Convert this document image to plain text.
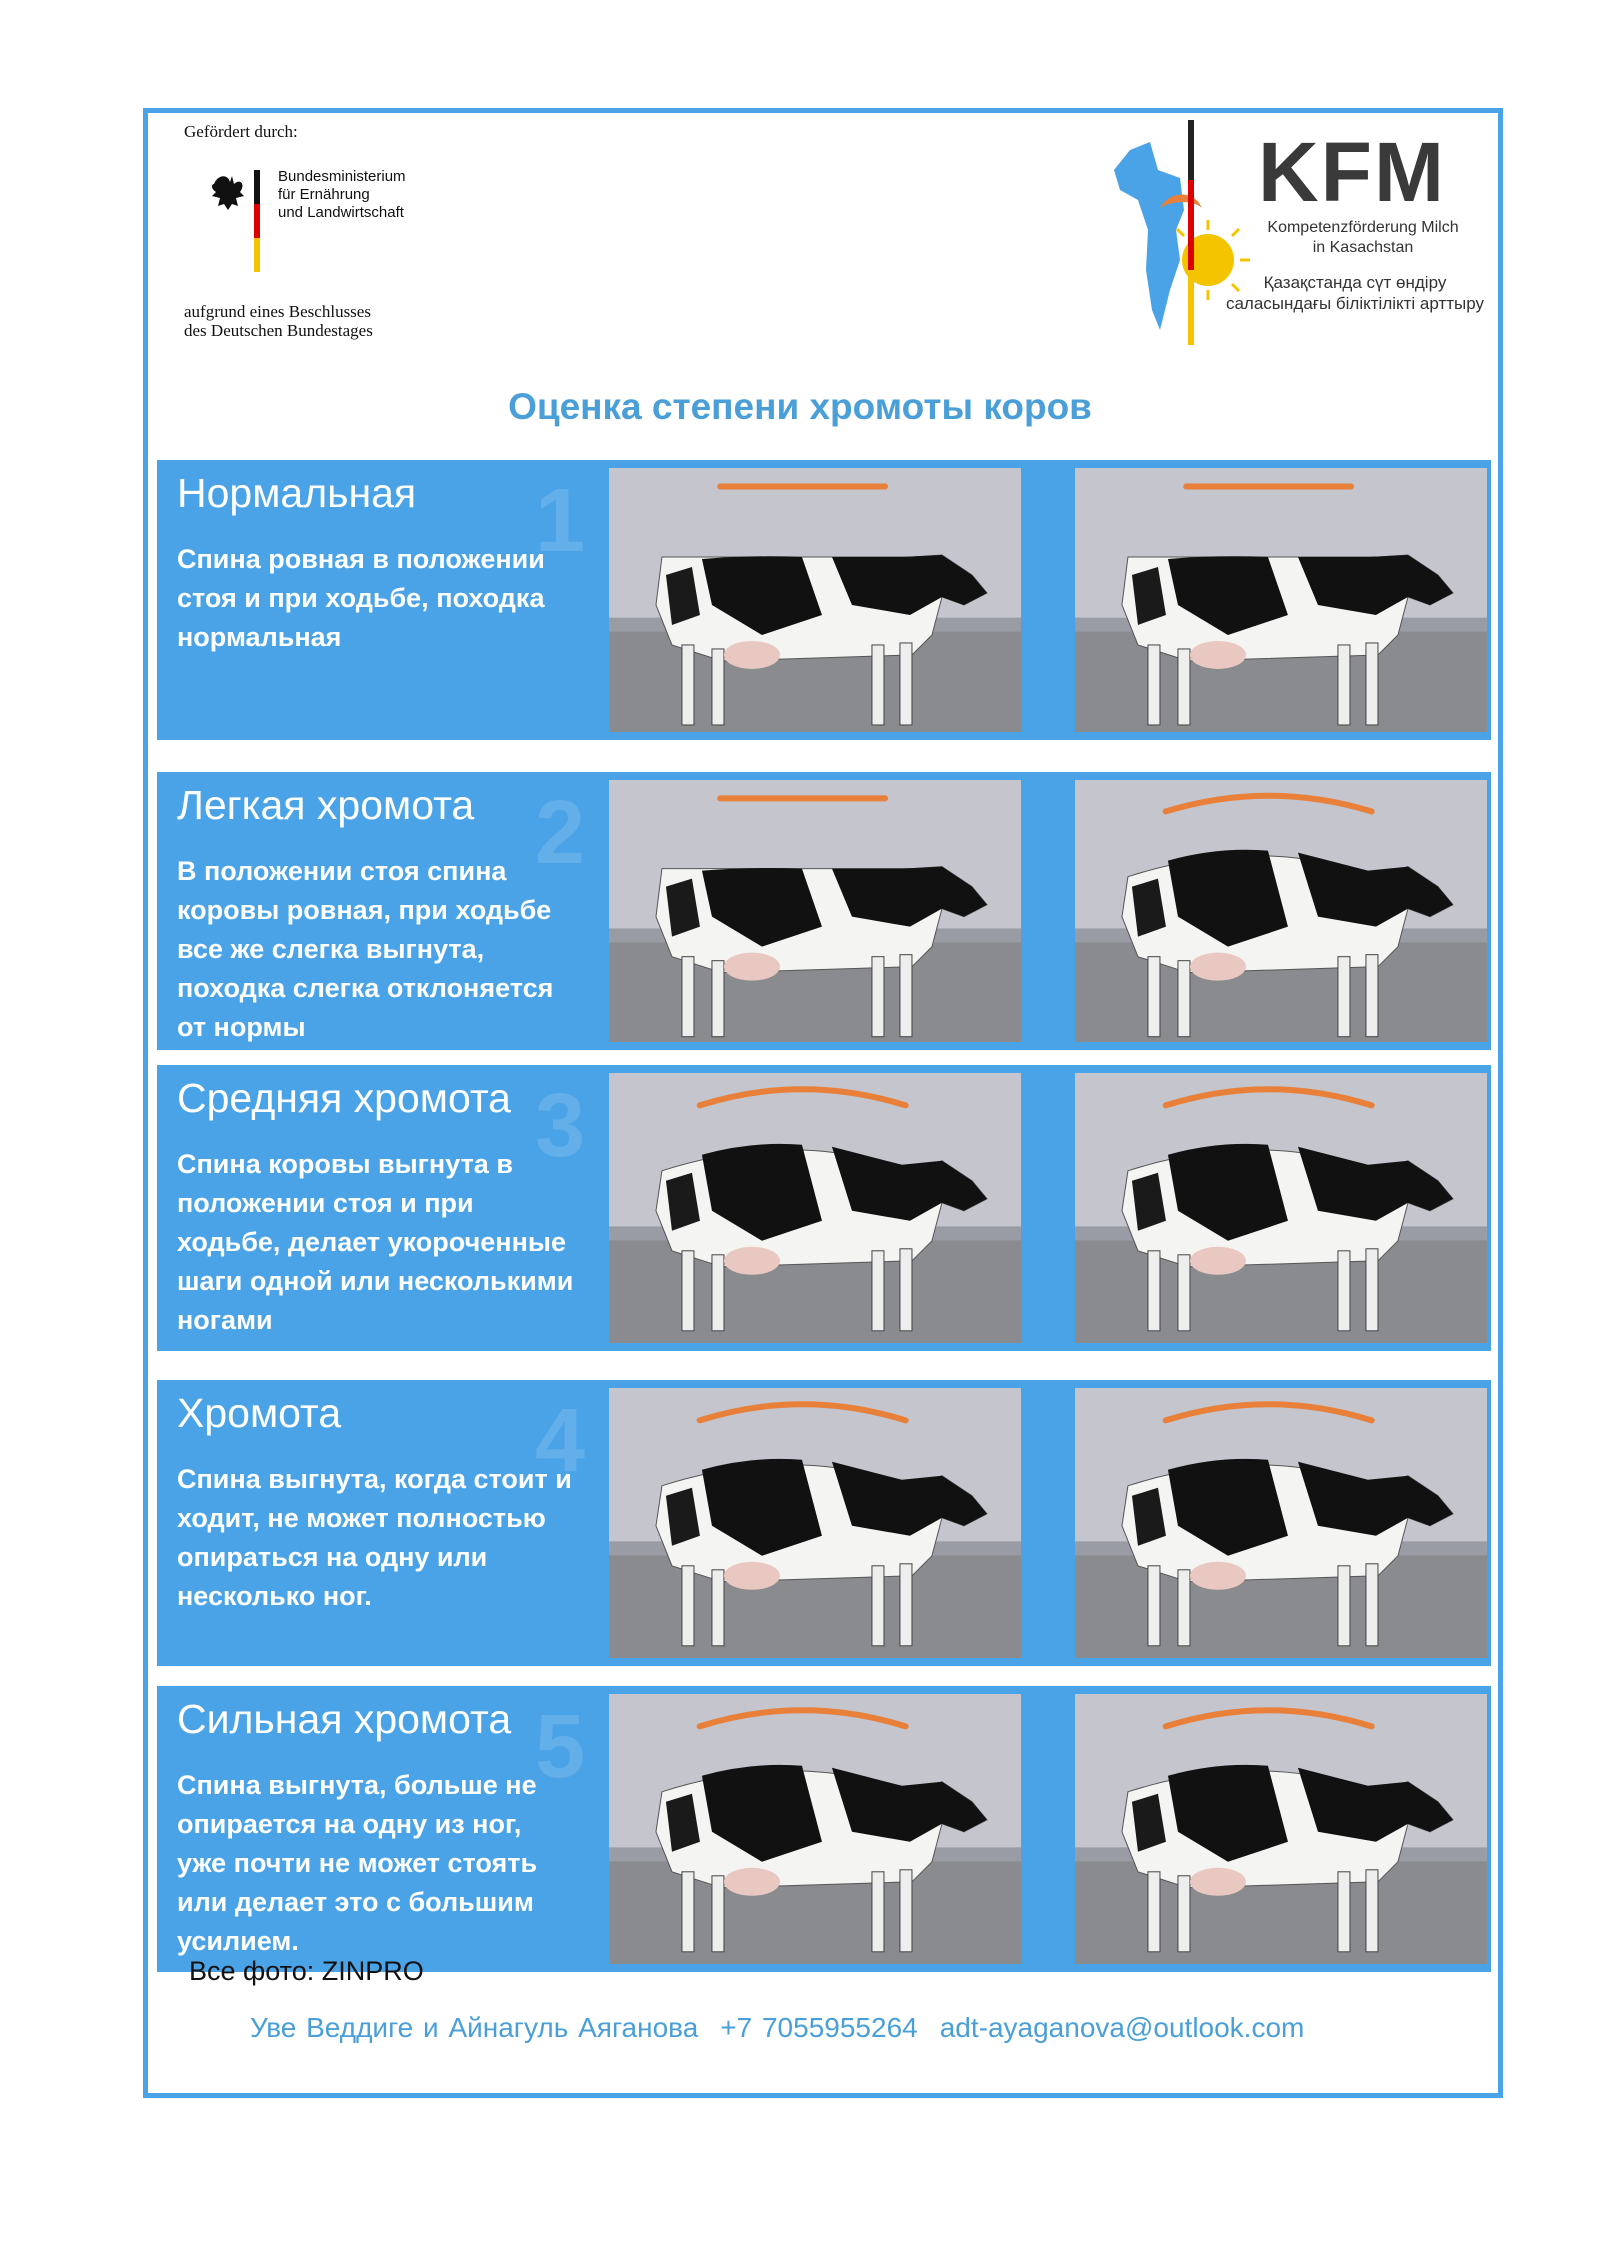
Gefördert durch:
Bundesministerium
für Ernährung
und Landwirtschaft
aufgrund eines Beschlusses
des Deutschen Bundestages
KFM
Kompetenzförderung Milch
in Kasachstan
Қазақстанда сүт өндіру
саласындағы біліктілікті арттыру
Оценка степени хромоты коров
1
Нормальная
Спина ровная в положении
стоя и при ходьбе, походка
нормальная
2
Легкая хромота
В положении стоя спина
коровы ровная, при ходьбе
все же слегка выгнута,
походка слегка отклоняется
от нормы
3
Средняя хромота
Спина коровы выгнута в
положении стоя и при
ходьбе, делает укороченные
шаги одной или несколькими
ногами
4
Хромота
Спина выгнута, когда стоит и
ходит, не может полностью
опираться на одну или
несколько ног.
5
Сильная хромота
Спина выгнута, больше не
опирается на одну из ног,
уже почти не может стоять
или делает это с большим
усилием.
Все фото: ZINPRO
Уве Веддиге и Айнагуль Аяганова +7 7055955264 adt-ayaganova@outlook.com
